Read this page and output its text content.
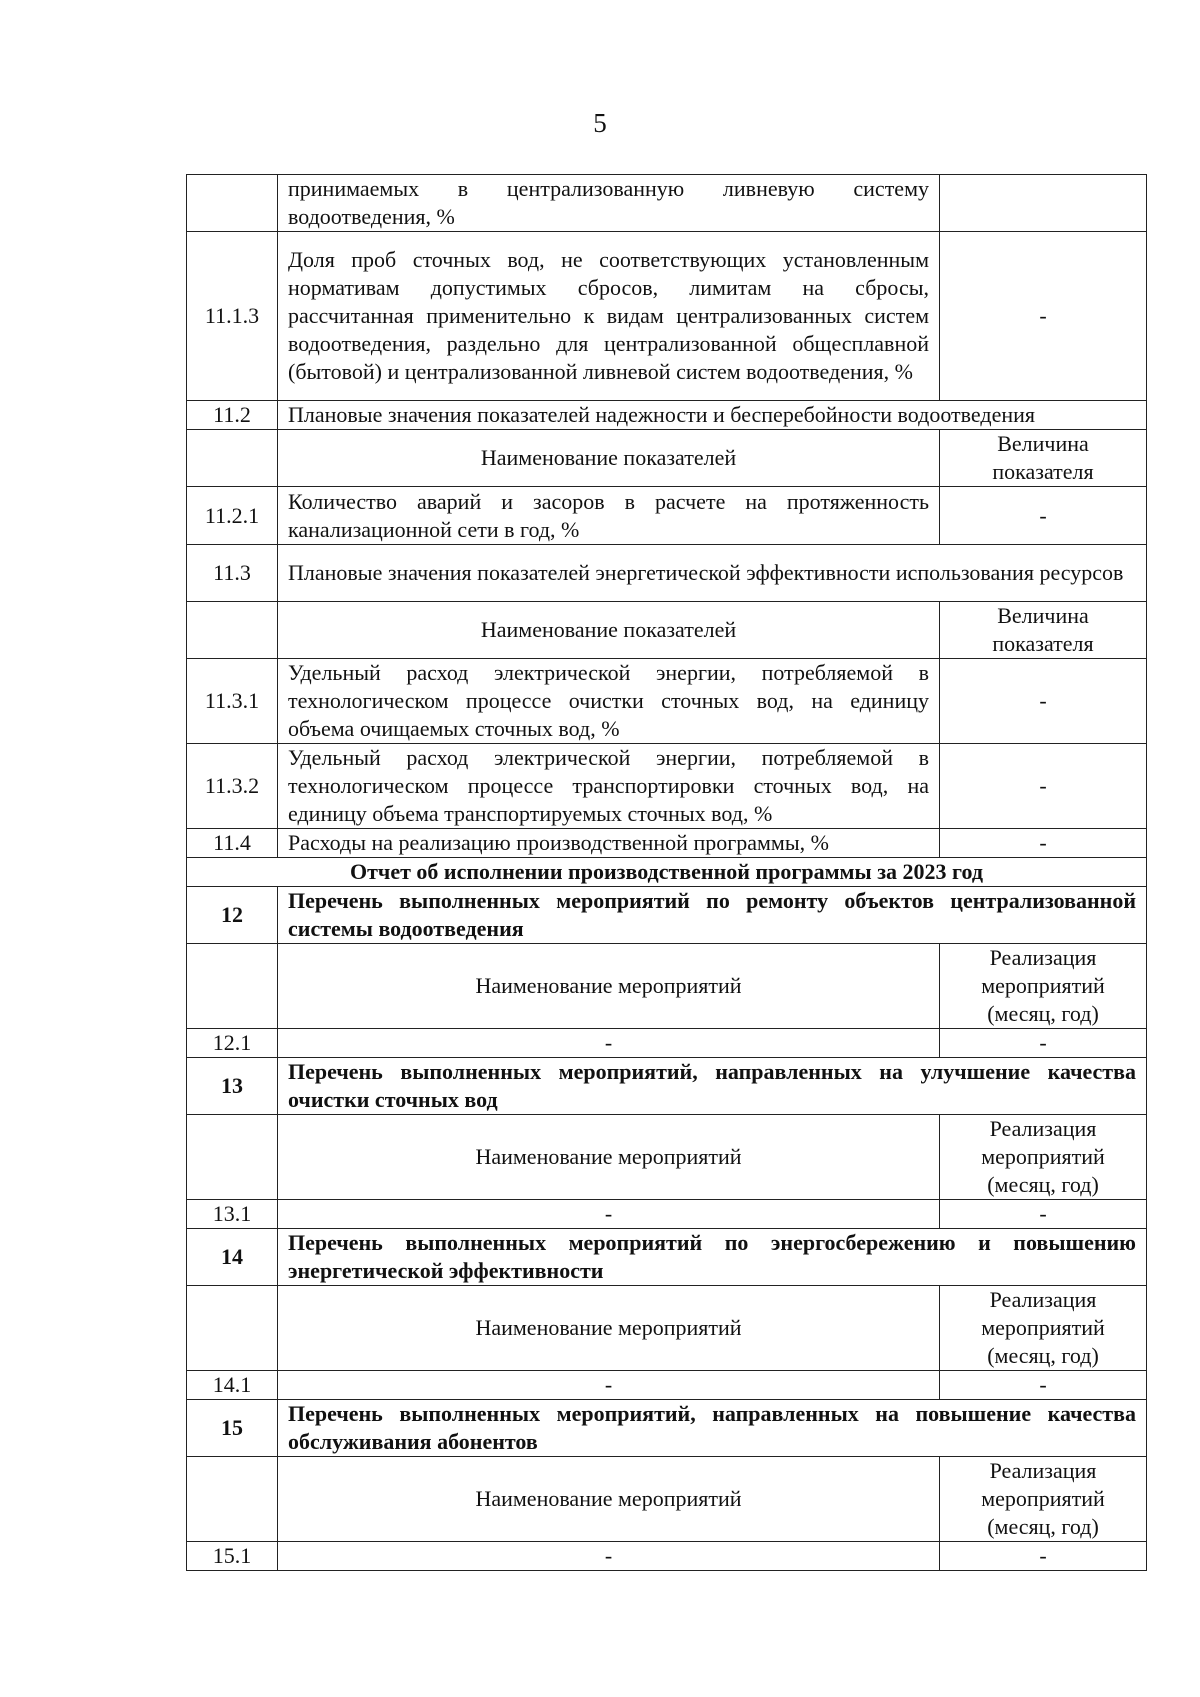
5
	принимаемых в централизованную ливневую систему водоотведения, %	
11.1.3	Доля проб сточных вод, не соответствующих установленным нормативам допустимых сбросов, лимитам на сбросы, рассчитанная применительно к видам централизованных систем водоотведения, раздельно для централизованной общесплавной (бытовой) и централизованной ливневой систем водоотведения, %	-
11.2	Плановые значения показателей надежности и бесперебойности водоотведения	
	Наименование показателей	Величина показателя
11.2.1	Количество аварий и засоров в расчете на протяженность канализационной сети в год, %	-
11.3	Плановые значения показателей энергетической эффективности использования ресурсов	
	Наименование показателей	Величина показателя
11.3.1	Удельный расход электрической энергии, потребляемой в технологическом процессе очистки сточных вод, на единицу объема очищаемых сточных вод, %	-
11.3.2	Удельный расход электрической энергии, потребляемой в технологическом процессе транспортировки сточных вод, на единицу объема транспортируемых сточных вод, %	-
11.4	Расходы на реализацию производственной программы, %	-
Отчет об исполнении производственной программы за 2023 год		
12	Перечень выполненных мероприятий по ремонту объектов централизованной системы водоотведения	
	Наименование мероприятий	Реализация мероприятий (месяц, год)
12.1	-	-
13	Перечень выполненных мероприятий, направленных на улучшение качества очистки сточных вод	
	Наименование мероприятий	Реализация мероприятий (месяц, год)
13.1	-	-
14	Перечень выполненных мероприятий по энергосбережению и повышению энергетической эффективности	
	Наименование мероприятий	Реализация мероприятий (месяц, год)
14.1	-	-
15	Перечень выполненных мероприятий, направленных на повышение качества обслуживания абонентов	
	Наименование мероприятий	Реализация мероприятий (месяц, год)
15.1	-	-
